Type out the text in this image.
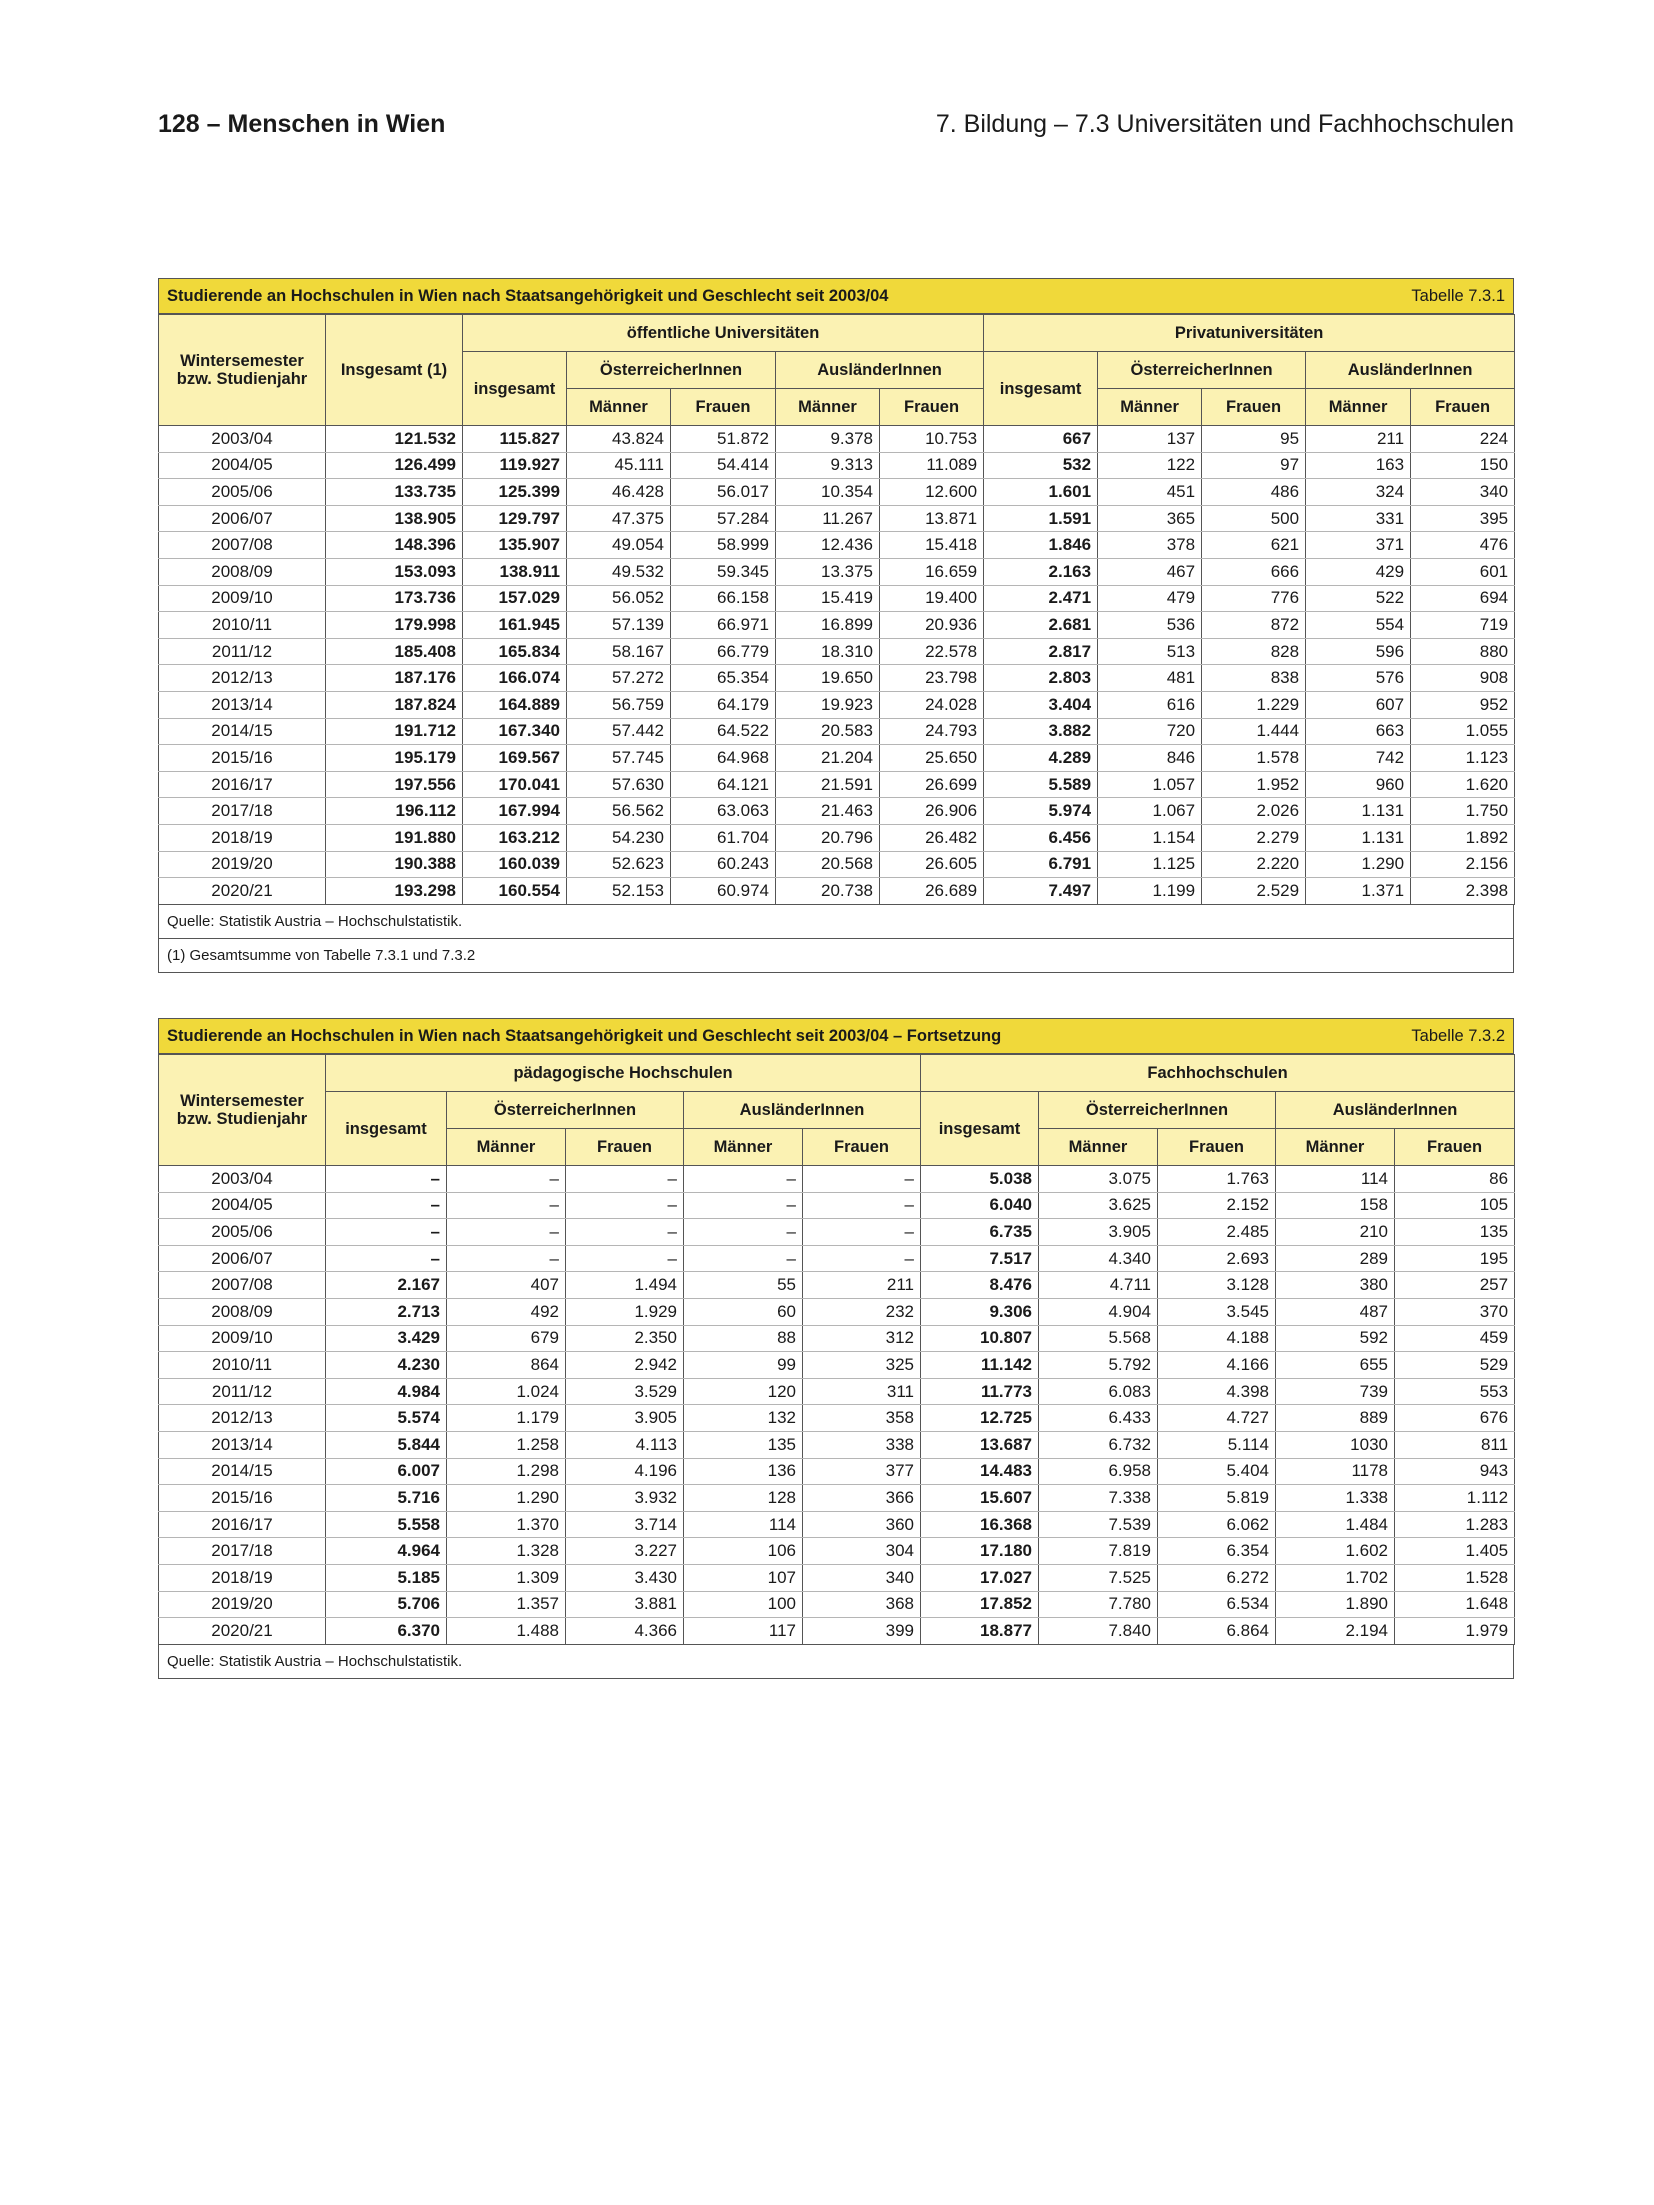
128 – Menschen in Wien	7. Bildung – 7.3 Universitäten und Fachhochschulen
Studierende an Hochschulen in Wien nach Staatsangehörigkeit und Geschlecht seit 2003/04	Tabelle 7.3.1
Wintersemester bzw. Studienjahr	Insgesamt (1)	öffentliche Universitäten					Privatuniversitäten				
		insgesamt	ÖsterreicherInnen		AusländerInnen		insgesamt	ÖsterreicherInnen		AusländerInnen	
			Männer	Frauen	Männer	Frauen		Männer	Frauen	Männer	Frauen
2003/04	121.532	115.827	43.824	51.872	9.378	10.753	667	137	95	211	224
2004/05	126.499	119.927	45.111	54.414	9.313	11.089	532	122	97	163	150
2005/06	133.735	125.399	46.428	56.017	10.354	12.600	1.601	451	486	324	340
2006/07	138.905	129.797	47.375	57.284	11.267	13.871	1.591	365	500	331	395
2007/08	148.396	135.907	49.054	58.999	12.436	15.418	1.846	378	621	371	476
2008/09	153.093	138.911	49.532	59.345	13.375	16.659	2.163	467	666	429	601
2009/10	173.736	157.029	56.052	66.158	15.419	19.400	2.471	479	776	522	694
2010/11	179.998	161.945	57.139	66.971	16.899	20.936	2.681	536	872	554	719
2011/12	185.408	165.834	58.167	66.779	18.310	22.578	2.817	513	828	596	880
2012/13	187.176	166.074	57.272	65.354	19.650	23.798	2.803	481	838	576	908
2013/14	187.824	164.889	56.759	64.179	19.923	24.028	3.404	616	1.229	607	952
2014/15	191.712	167.340	57.442	64.522	20.583	24.793	3.882	720	1.444	663	1.055
2015/16	195.179	169.567	57.745	64.968	21.204	25.650	4.289	846	1.578	742	1.123
2016/17	197.556	170.041	57.630	64.121	21.591	26.699	5.589	1.057	1.952	960	1.620
2017/18	196.112	167.994	56.562	63.063	21.463	26.906	5.974	1.067	2.026	1.131	1.750
2018/19	191.880	163.212	54.230	61.704	20.796	26.482	6.456	1.154	2.279	1.131	1.892
2019/20	190.388	160.039	52.623	60.243	20.568	26.605	6.791	1.125	2.220	1.290	2.156
2020/21	193.298	160.554	52.153	60.974	20.738	26.689	7.497	1.199	2.529	1.371	2.398
Quelle: Statistik Austria – Hochschulstatistik.
(1) Gesamtsumme von Tabelle 7.3.1 und 7.3.2
Studierende an Hochschulen in Wien nach Staatsangehörigkeit und Geschlecht seit 2003/04 – Fortsetzung	Tabelle 7.3.2
Wintersemester bzw. Studienjahr	pädagogische Hochschulen					Fachhochschulen				
	insgesamt	ÖsterreicherInnen		AusländerInnen		insgesamt	ÖsterreicherInnen		AusländerInnen	
		Männer	Frauen	Männer	Frauen		Männer	Frauen	Männer	Frauen
2003/04	–	–	–	–	–	5.038	3.075	1.763	114	86
2004/05	–	–	–	–	–	6.040	3.625	2.152	158	105
2005/06	–	–	–	–	–	6.735	3.905	2.485	210	135
2006/07	–	–	–	–	–	7.517	4.340	2.693	289	195
2007/08	2.167	407	1.494	55	211	8.476	4.711	3.128	380	257
2008/09	2.713	492	1.929	60	232	9.306	4.904	3.545	487	370
2009/10	3.429	679	2.350	88	312	10.807	5.568	4.188	592	459
2010/11	4.230	864	2.942	99	325	11.142	5.792	4.166	655	529
2011/12	4.984	1.024	3.529	120	311	11.773	6.083	4.398	739	553
2012/13	5.574	1.179	3.905	132	358	12.725	6.433	4.727	889	676
2013/14	5.844	1.258	4.113	135	338	13.687	6.732	5.114	1030	811
2014/15	6.007	1.298	4.196	136	377	14.483	6.958	5.404	1178	943
2015/16	5.716	1.290	3.932	128	366	15.607	7.338	5.819	1.338	1.112
2016/17	5.558	1.370	3.714	114	360	16.368	7.539	6.062	1.484	1.283
2017/18	4.964	1.328	3.227	106	304	17.180	7.819	6.354	1.602	1.405
2018/19	5.185	1.309	3.430	107	340	17.027	7.525	6.272	1.702	1.528
2019/20	5.706	1.357	3.881	100	368	17.852	7.780	6.534	1.890	1.648
2020/21	6.370	1.488	4.366	117	399	18.877	7.840	6.864	2.194	1.979
Quelle: Statistik Austria – Hochschulstatistik.
